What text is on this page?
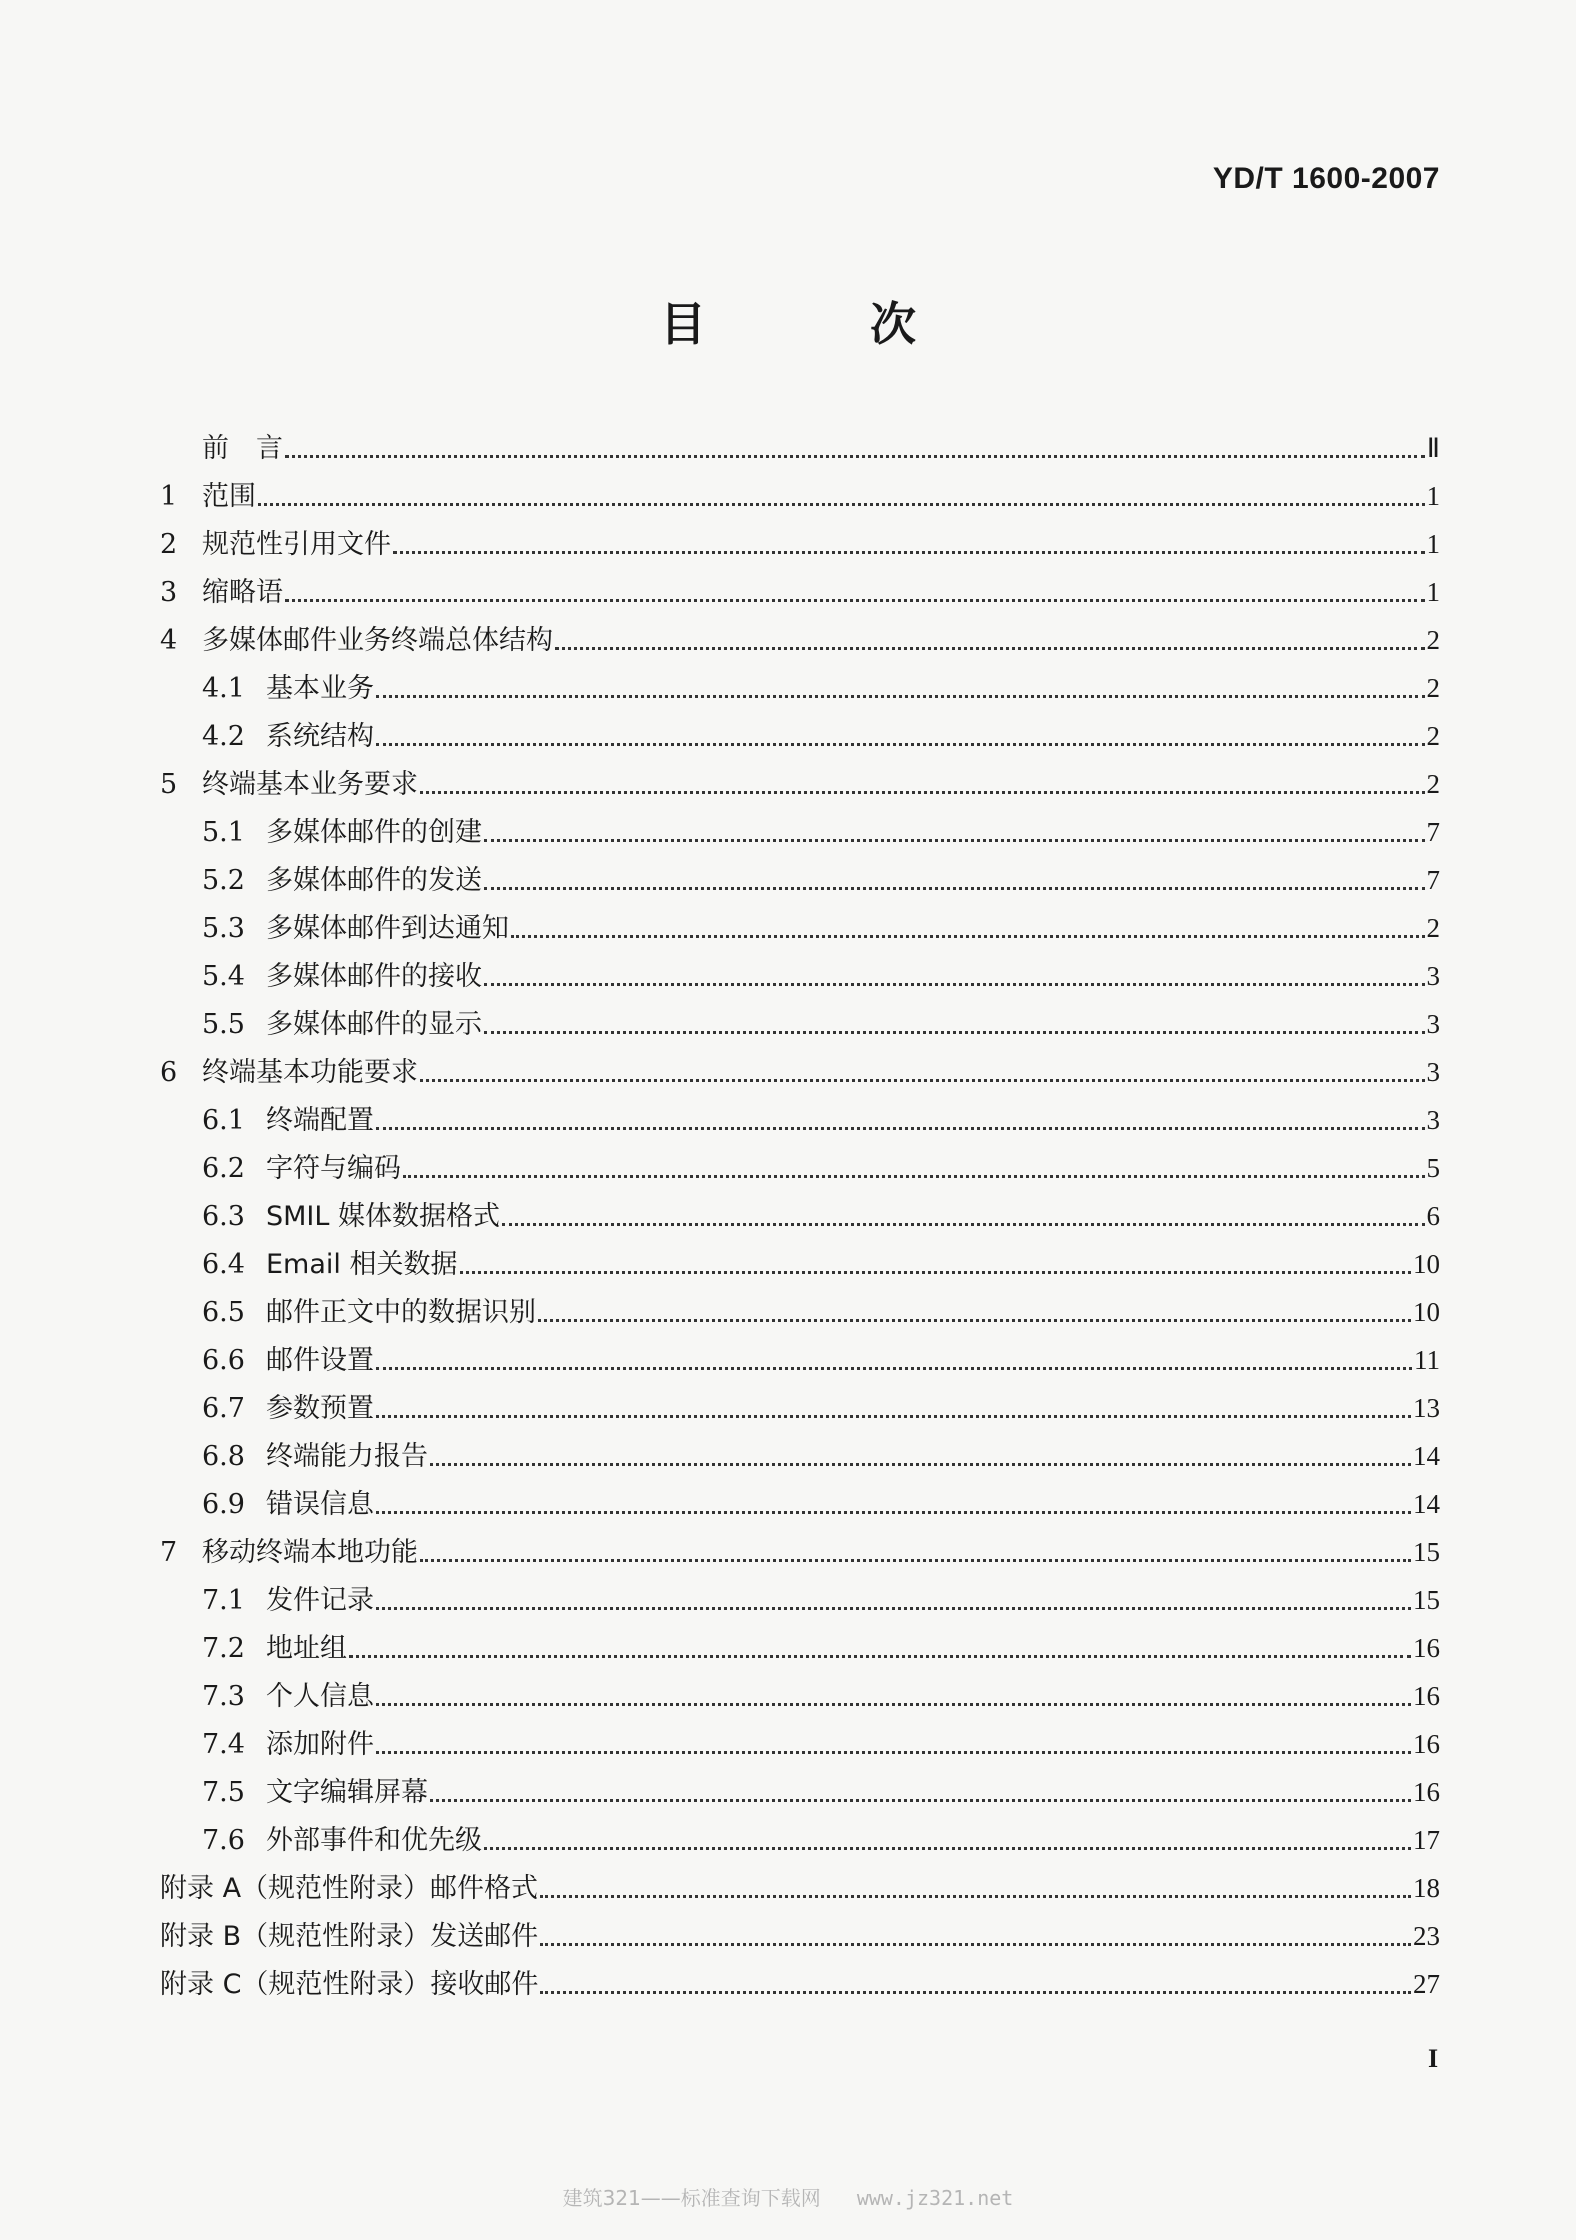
YD/T 1600-2007
目 次
前　言	Ⅱ
1 范围	1
2 规范性引用文件	1
3 缩略语	1
4 多媒体邮件业务终端总体结构	2
4.1 基本业务	2
4.2 系统结构	2
5 终端基本业务要求	2
5.1 多媒体邮件的创建	7
5.2 多媒体邮件的发送	7
5.3 多媒体邮件到达通知	2
5.4 多媒体邮件的接收	3
5.5 多媒体邮件的显示	3
6 终端基本功能要求	3
6.1 终端配置	3
6.2 字符与编码	5
6.3 SMIL 媒体数据格式	6
6.4 Email 相关数据	10
6.5 邮件正文中的数据识别	10
6.6 邮件设置	11
6.7 参数预置	13
6.8 终端能力报告	14
6.9 错误信息	14
7 移动终端本地功能	15
7.1 发件记录	15
7.2 地址组	16
7.3 个人信息	16
7.4 添加附件	16
7.5 文字编辑屏幕	16
7.6 外部事件和优先级	17
附录 A（规范性附录）邮件格式	18
附录 B（规范性附录）发送邮件	23
附录 C（规范性附录）接收邮件	27
I
建筑321——标准查询下载网 www.jz321.net
